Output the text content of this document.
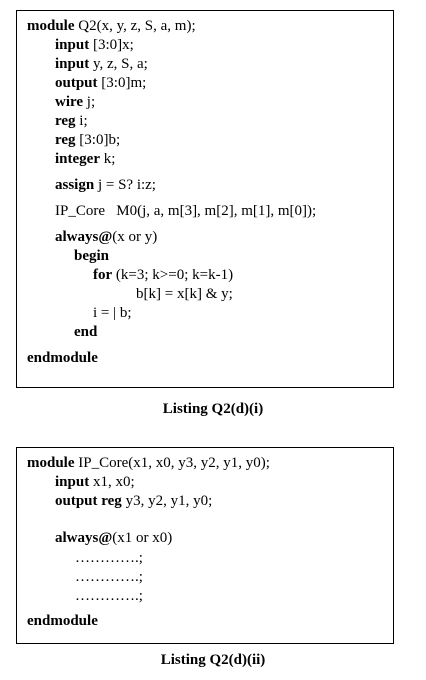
module Q2(x, y, z, S, a, m);
input [3:0]x;
input y, z, S, a;
output [3:0]m;
wire j;
reg i;
reg [3:0]b;
integer k;
assign j = S? i:z;
IP_Core   M0(j, a, m[3], m[2], m[1], m[0]);
always@(x or y)
begin
for (k=3; k>=0; k=k-1)
b[k] = x[k] & y;
i = | b;
end
endmodule
Listing Q2(d)(i)
module IP_Core(x1, x0, y3, y2, y1, y0);
input x1, x0;
output reg y3, y2, y1, y0;
always@(x1 or x0)
………….;
………….;
………….;
endmodule
Listing Q2(d)(ii)
